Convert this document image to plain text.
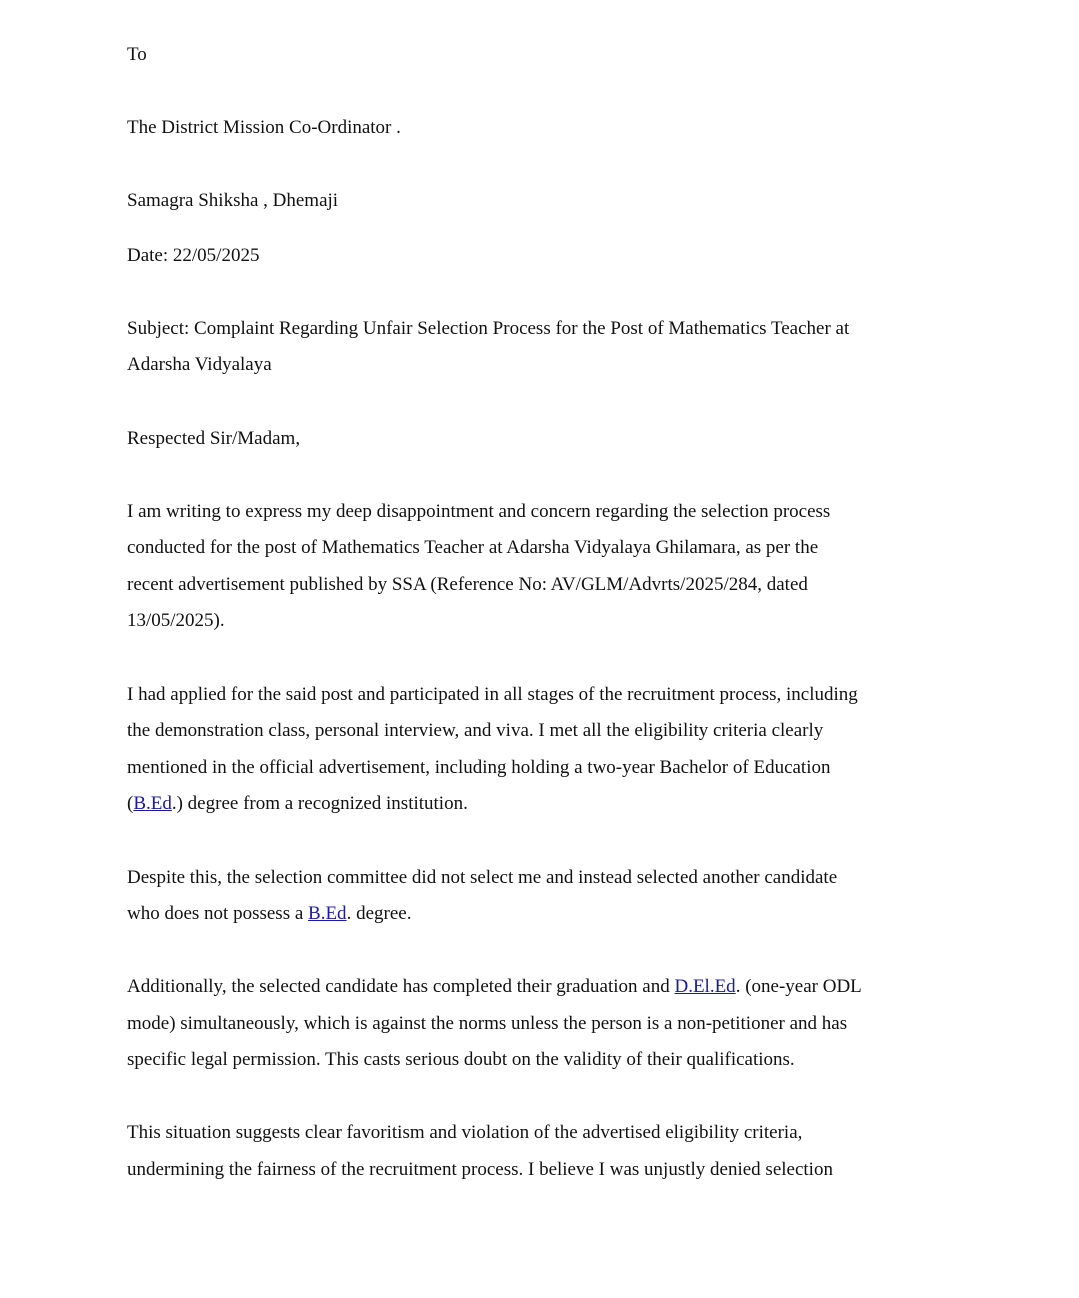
To
The District Mission Co-Ordinator .
Samagra Shiksha , Dhemaji
Date: 22/05/2025
Subject: Complaint Regarding Unfair Selection Process for the Post of Mathematics Teacher at
Adarsha Vidyalaya
Respected Sir/Madam,
I am writing to express my deep disappointment and concern regarding the selection process
conducted for the post of Mathematics Teacher at Adarsha Vidyalaya Ghilamara, as per the
recent advertisement published by SSA (Reference No: AV/GLM/Advrts/2025/284, dated
13/05/2025).
I had applied for the said post and participated in all stages of the recruitment process, including
the demonstration class, personal interview, and viva. I met all the eligibility criteria clearly
mentioned in the official advertisement, including holding a two-year Bachelor of Education
(B.Ed.) degree from a recognized institution.
Despite this, the selection committee did not select me and instead selected another candidate
who does not possess a B.Ed. degree.
Additionally, the selected candidate has completed their graduation and D.El.Ed. (one-year ODL
mode) simultaneously, which is against the norms unless the person is a non-petitioner and has
specific legal permission. This casts serious doubt on the validity of their qualifications.
This situation suggests clear favoritism and violation of the advertised eligibility criteria,
undermining the fairness of the recruitment process. I believe I was unjustly denied selection
